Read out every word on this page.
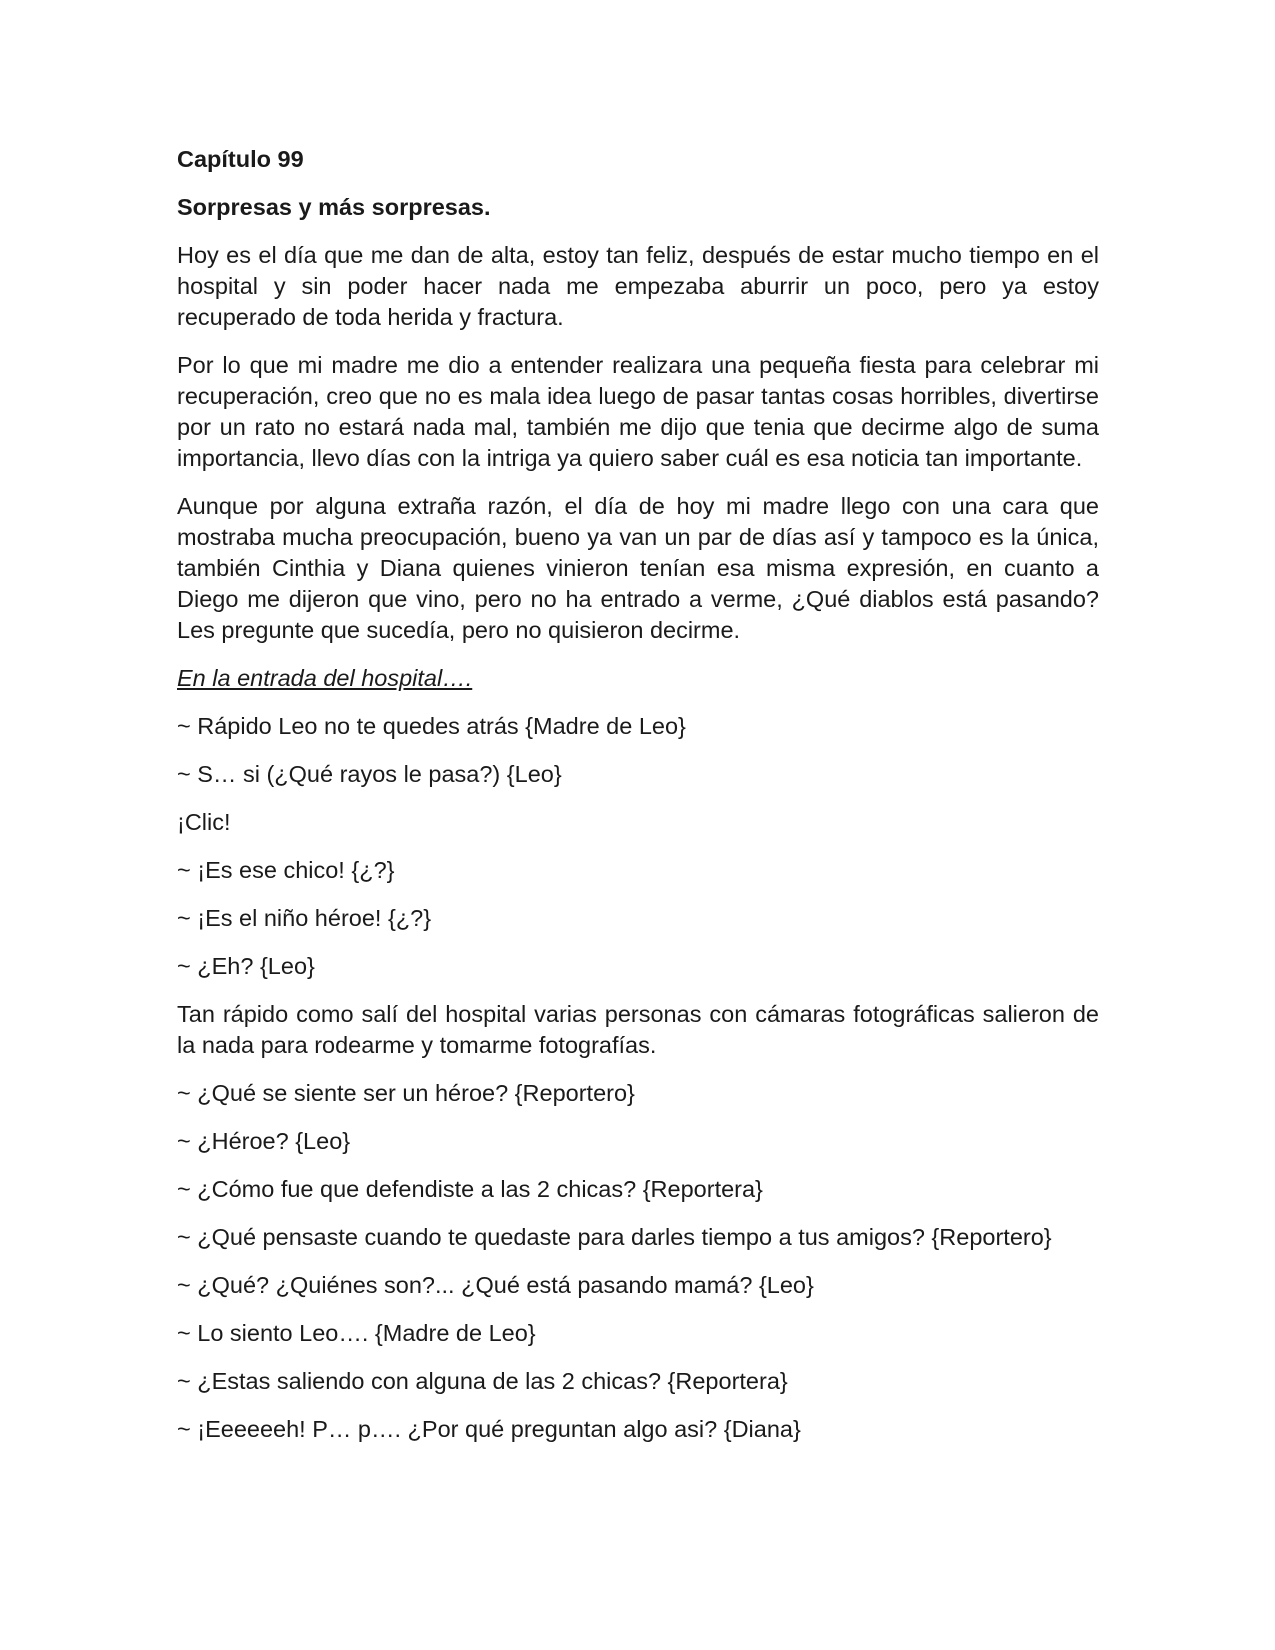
Capítulo 99
Sorpresas y más sorpresas.

Hoy es el día que me dan de alta, estoy tan feliz, después de estar mucho tiempo en el hospital y sin poder hacer nada me empezaba aburrir un poco, pero ya estoy recuperado de toda herida y fractura.

Por lo que mi madre me dio a entender realizara una pequeña fiesta para celebrar mi recuperación, creo que no es mala idea luego de pasar tantas cosas horribles, divertirse por un rato no estará nada mal, también me dijo que tenia que decirme algo de suma importancia, llevo días con la intriga ya quiero saber cuál es esa noticia tan importante.

Aunque por alguna extraña razón, el día de hoy mi madre llego con una cara que mostraba mucha preocupación, bueno ya van un par de días así y tampoco es la única, también Cinthia y Diana quienes vinieron tenían esa misma expresión, en cuanto a Diego me dijeron que vino, pero no ha entrado a verme, ¿Qué diablos está pasando? Les pregunte que sucedía, pero no quisieron decirme.

En la entrada del hospital….
~ Rápido Leo no te quedes atrás {Madre de Leo}
~ S… si (¿Qué rayos le pasa?) {Leo}
¡Clic!
~ ¡Es ese chico! {¿?}
~ ¡Es el niño héroe! {¿?}
~ ¿Eh? {Leo}

Tan rápido como salí del hospital varias personas con cámaras fotográficas salieron de la nada para rodearme y tomarme fotografías.

~ ¿Qué se siente ser un héroe? {Reportero}
~ ¿Héroe? {Leo}
~ ¿Cómo fue que defendiste a las 2 chicas? {Reportera}
~ ¿Qué pensaste cuando te quedaste para darles tiempo a tus amigos? {Reportero}
~ ¿Qué? ¿Quiénes son?... ¿Qué está pasando mamá? {Leo}
~ Lo siento Leo…. {Madre de Leo}
~ ¿Estas saliendo con alguna de las 2 chicas? {Reportera}
~ ¡Eeeeeeh! P… p…. ¿Por qué preguntan algo asi? {Diana}
